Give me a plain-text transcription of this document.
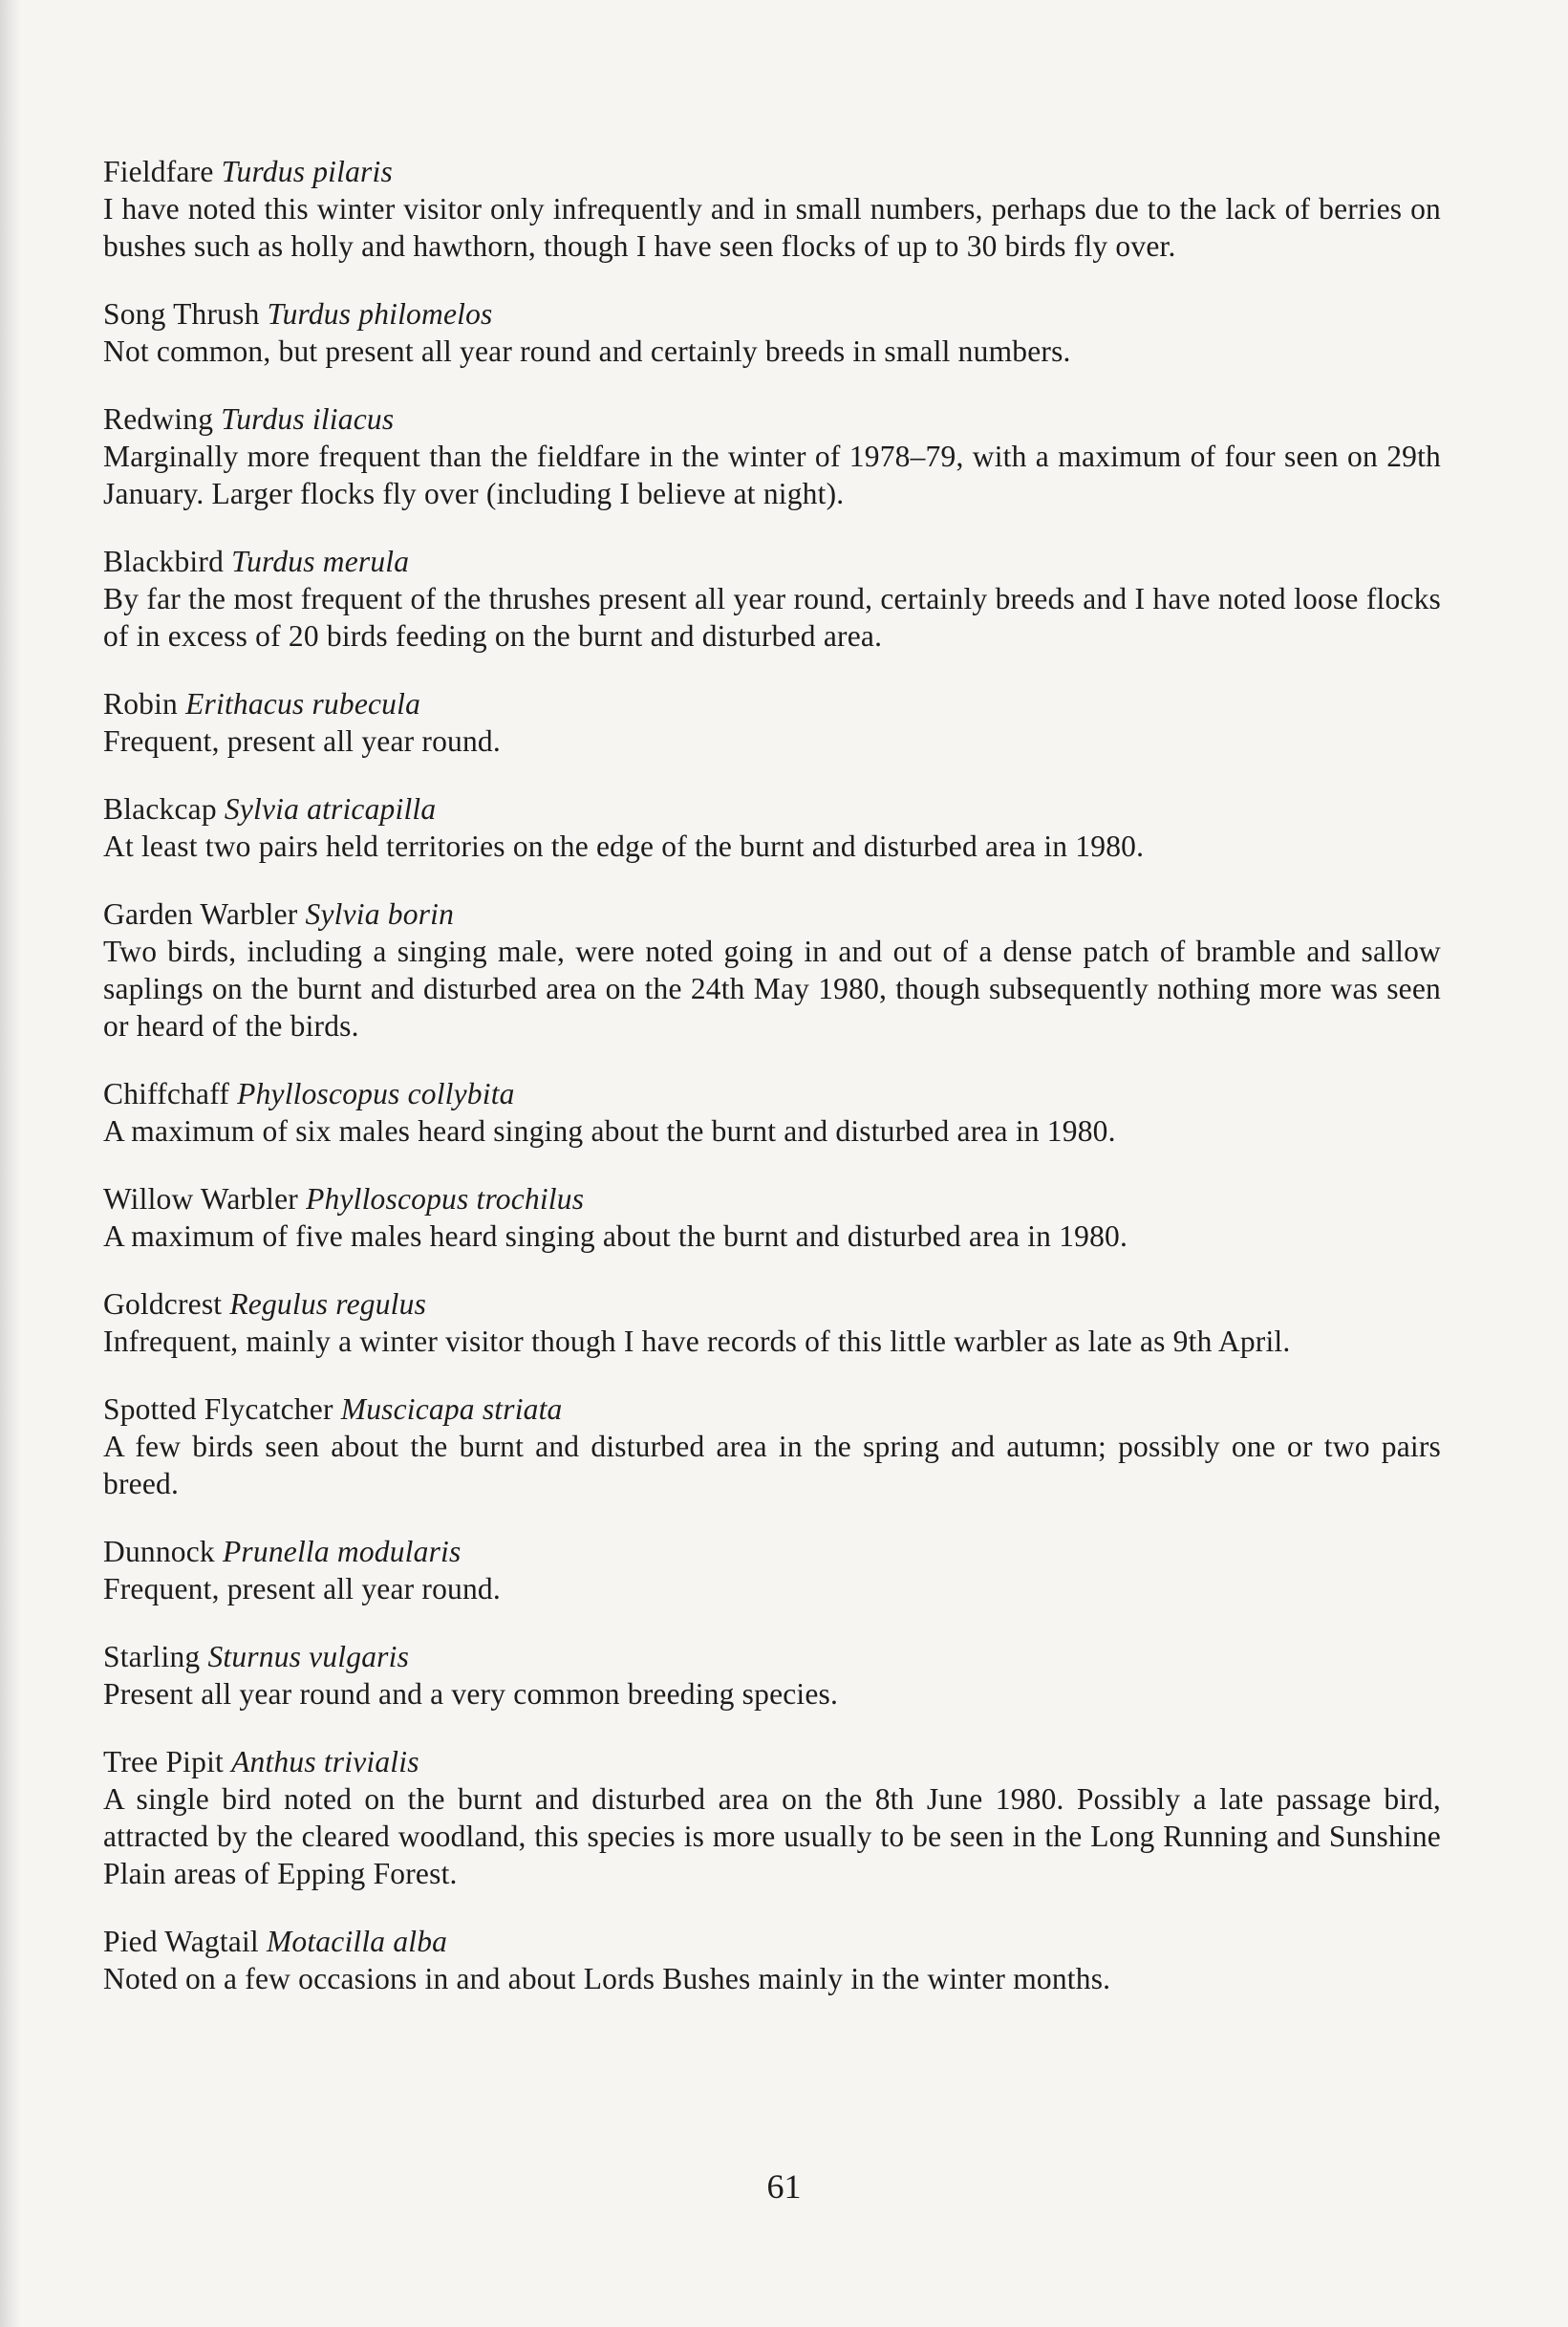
Fieldfare Turdus pilaris

I have noted this winter visitor only infrequently and in small numbers, perhaps due to the lack of berries on bushes such as holly and hawthorn, though I have seen flocks of up to 30 birds fly over.

Song Thrush Turdus philomelos

Not common, but present all year round and certainly breeds in small numbers.

Redwing Turdus iliacus

Marginally more frequent than the fieldfare in the winter of 1978–79, with a maximum of four seen on 29th January. Larger flocks fly over (including I believe at night).

Blackbird Turdus merula

By far the most frequent of the thrushes present all year round, certainly breeds and I have noted loose flocks of in excess of 20 birds feeding on the burnt and disturbed area.

Robin Erithacus rubecula

Frequent, present all year round.

Blackcap Sylvia atricapilla

At least two pairs held territories on the edge of the burnt and disturbed area in 1980.

Garden Warbler Sylvia borin

Two birds, including a singing male, were noted going in and out of a dense patch of bramble and sallow saplings on the burnt and disturbed area on the 24th May 1980, though subsequently nothing more was seen or heard of the birds.

Chiffchaff Phylloscopus collybita

A maximum of six males heard singing about the burnt and disturbed area in 1980.

Willow Warbler Phylloscopus trochilus

A maximum of five males heard singing about the burnt and disturbed area in 1980.

Goldcrest Regulus regulus

Infrequent, mainly a winter visitor though I have records of this little warbler as late as 9th April.

Spotted Flycatcher Muscicapa striata

A few birds seen about the burnt and disturbed area in the spring and autumn; possibly one or two pairs breed.

Dunnock Prunella modularis

Frequent, present all year round.

Starling Sturnus vulgaris

Present all year round and a very common breeding species.

Tree Pipit Anthus trivialis

A single bird noted on the burnt and disturbed area on the 8th June 1980. Possibly a late passage bird, attracted by the cleared woodland, this species is more usually to be seen in the Long Running and Sunshine Plain areas of Epping Forest.

Pied Wagtail Motacilla alba

Noted on a few occasions in and about Lords Bushes mainly in the winter months.

61
